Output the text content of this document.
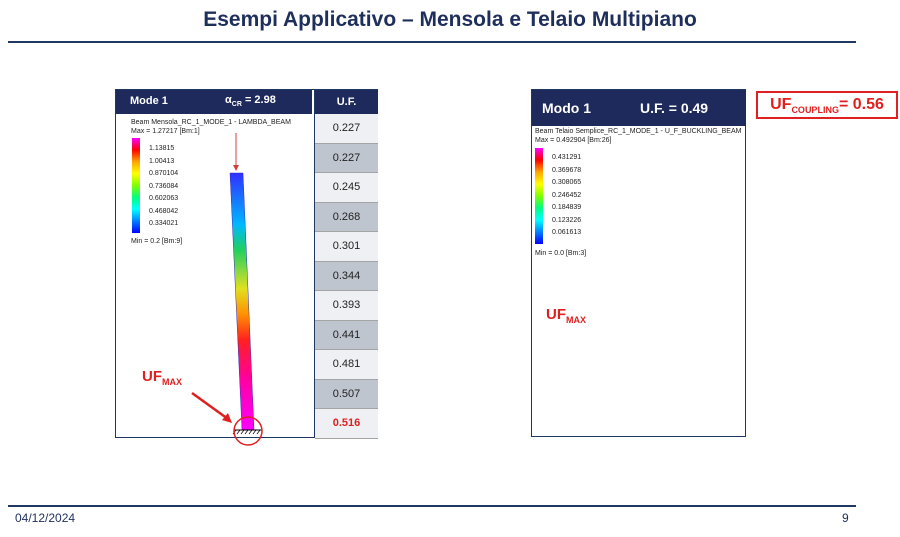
Esempi Applicativo – Mensola e Telaio Multipiano
Mode 1	$\alpha_{CR} = 2.98$
Beam Mensola_RC_1_MODE_1 - LAMBDA_BEAM
Max = 1.27217 [Bm:1]
1.13815
1.00413
0.870104
0.736084
0.602063
0.468042
0.334021
Min = 0.2 [Bm:9]
U.F.
0.227
0.227
0.245
0.268
0.301
0.344
0.393
0.441
0.481
0.507
0.516
Modo 1	U.F. = 0.49
Beam Telaio Semplice_RC_1_MODE_1 - U_F_BUCKLING_BEAM
Max = 0.492904 [Bm:26]
0.431291
0.369678
0.308065
0.246452
0.184839
0.123226
0.061613
Min = 0.0 [Bm:3]
$UF_{COUPLING}= 0.56$
$UF_{MAX}$
$UF_{MAX}$
04/12/2024	9
